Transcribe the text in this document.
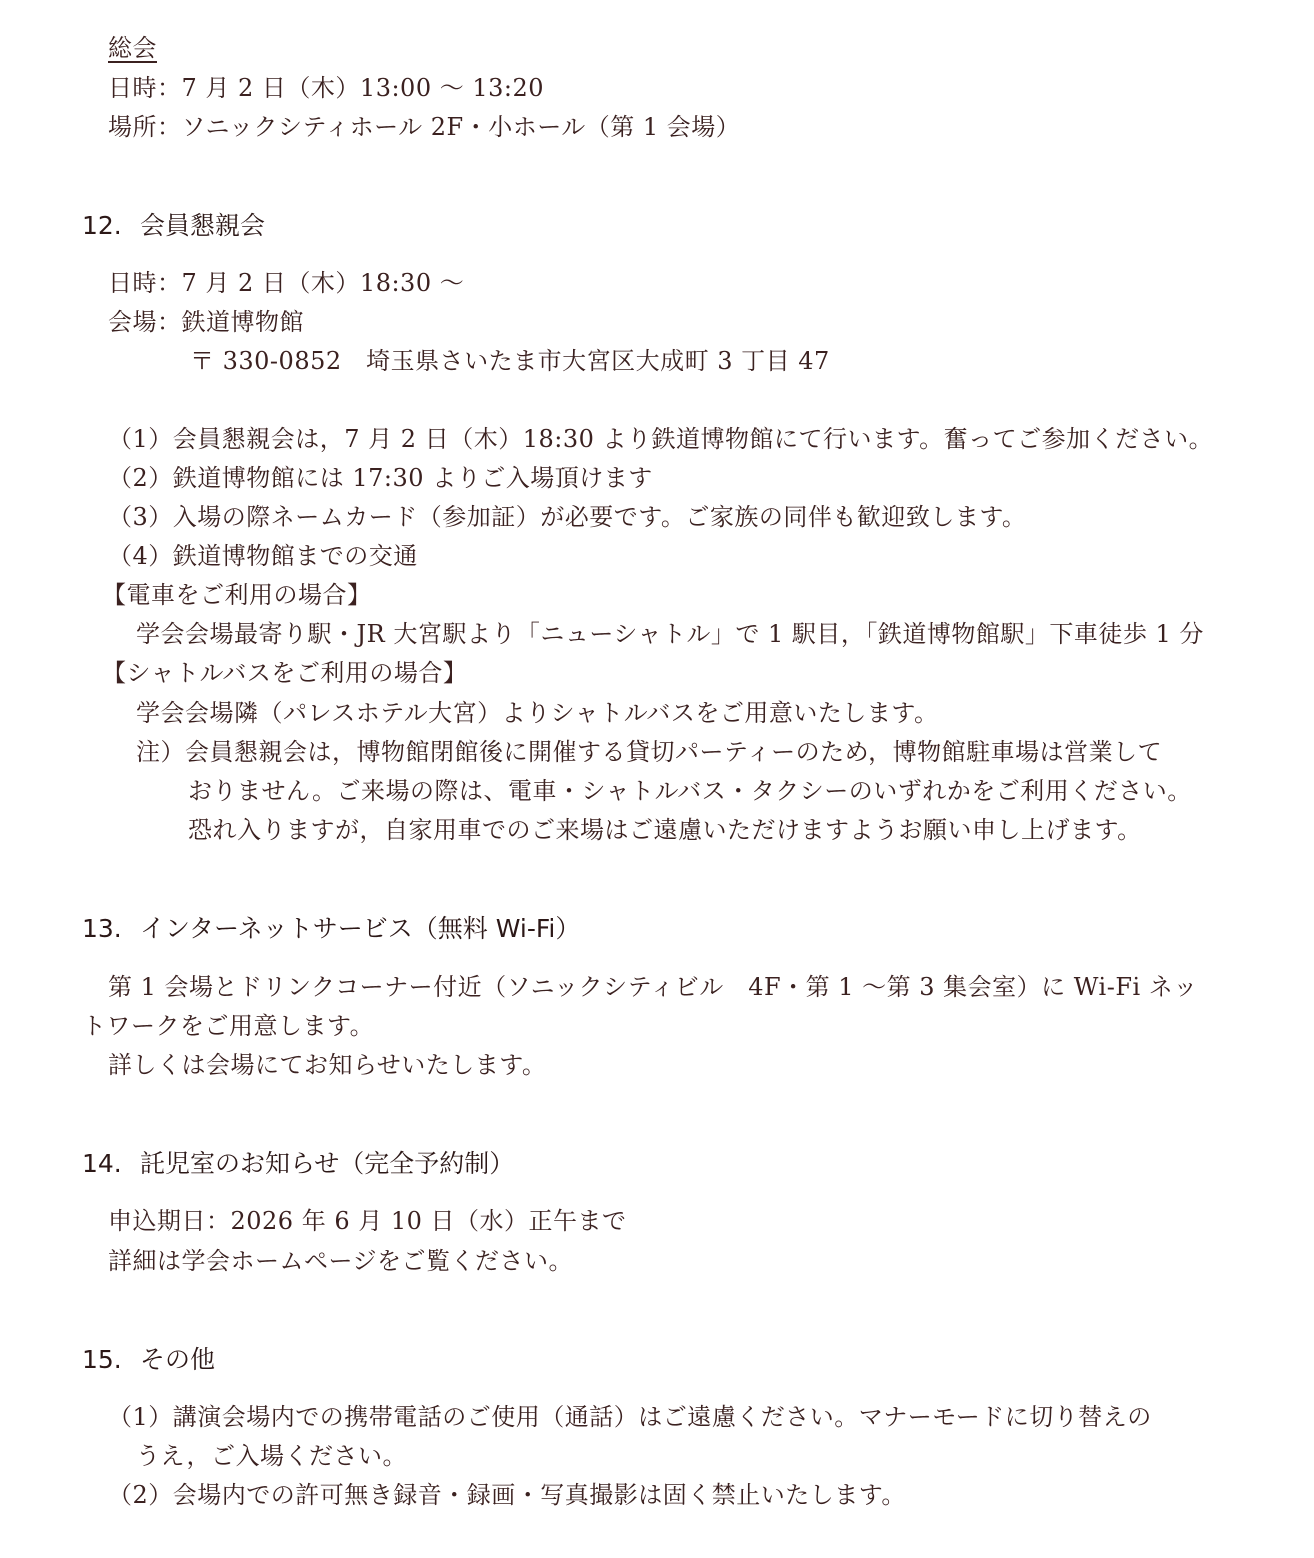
総会
日時：7 月 2 日（木）13:00 〜 13:20
場所：ソニックシティホール 2F・小ホール（第 1 会場）
12. 会員懇親会
日時：7 月 2 日（木）18:30 〜
会場：鉄道博物館
〒 330-0852　埼玉県さいたま市大宮区大成町 3 丁目 47
（1）会員懇親会は，7 月 2 日（木）18:30 より鉄道博物館にて行います。奮ってご参加ください。
（2）鉄道博物館には 17:30 よりご入場頂けます
（3）入場の際ネームカード（参加証）が必要です。ご家族の同伴も歓迎致します。
（4）鉄道博物館までの交通
【電車をご利用の場合】
学会会場最寄り駅・JR 大宮駅より「ニューシャトル」で 1 駅目，「鉄道博物館駅」下車徒歩 1 分
【シャトルバスをご利用の場合】
学会会場隣（パレスホテル大宮）よりシャトルバスをご用意いたします。
注）会員懇親会は，博物館閉館後に開催する貸切パーティーのため，博物館駐車場は営業して
おりません。ご来場の際は、電車・シャトルバス・タクシーのいずれかをご利用ください。
恐れ入りますが，自家用車でのご来場はご遠慮いただけますようお願い申し上げます。
13. インターネットサービス（無料 Wi-Fi）
第 1 会場とドリンクコーナー付近（ソニックシティビル　4F・第 1 〜第 3 集会室）に Wi-Fi ネッ
トワークをご用意します。
詳しくは会場にてお知らせいたします。
14. 託児室のお知らせ（完全予約制）
申込期日：2026 年 6 月 10 日（水）正午まで
詳細は学会ホームページをご覧ください。
15. その他
（1）講演会場内での携帯電話のご使用（通話）はご遠慮ください。マナーモードに切り替えの
うえ，ご入場ください。
（2）会場内での許可無き録音・録画・写真撮影は固く禁止いたします。
